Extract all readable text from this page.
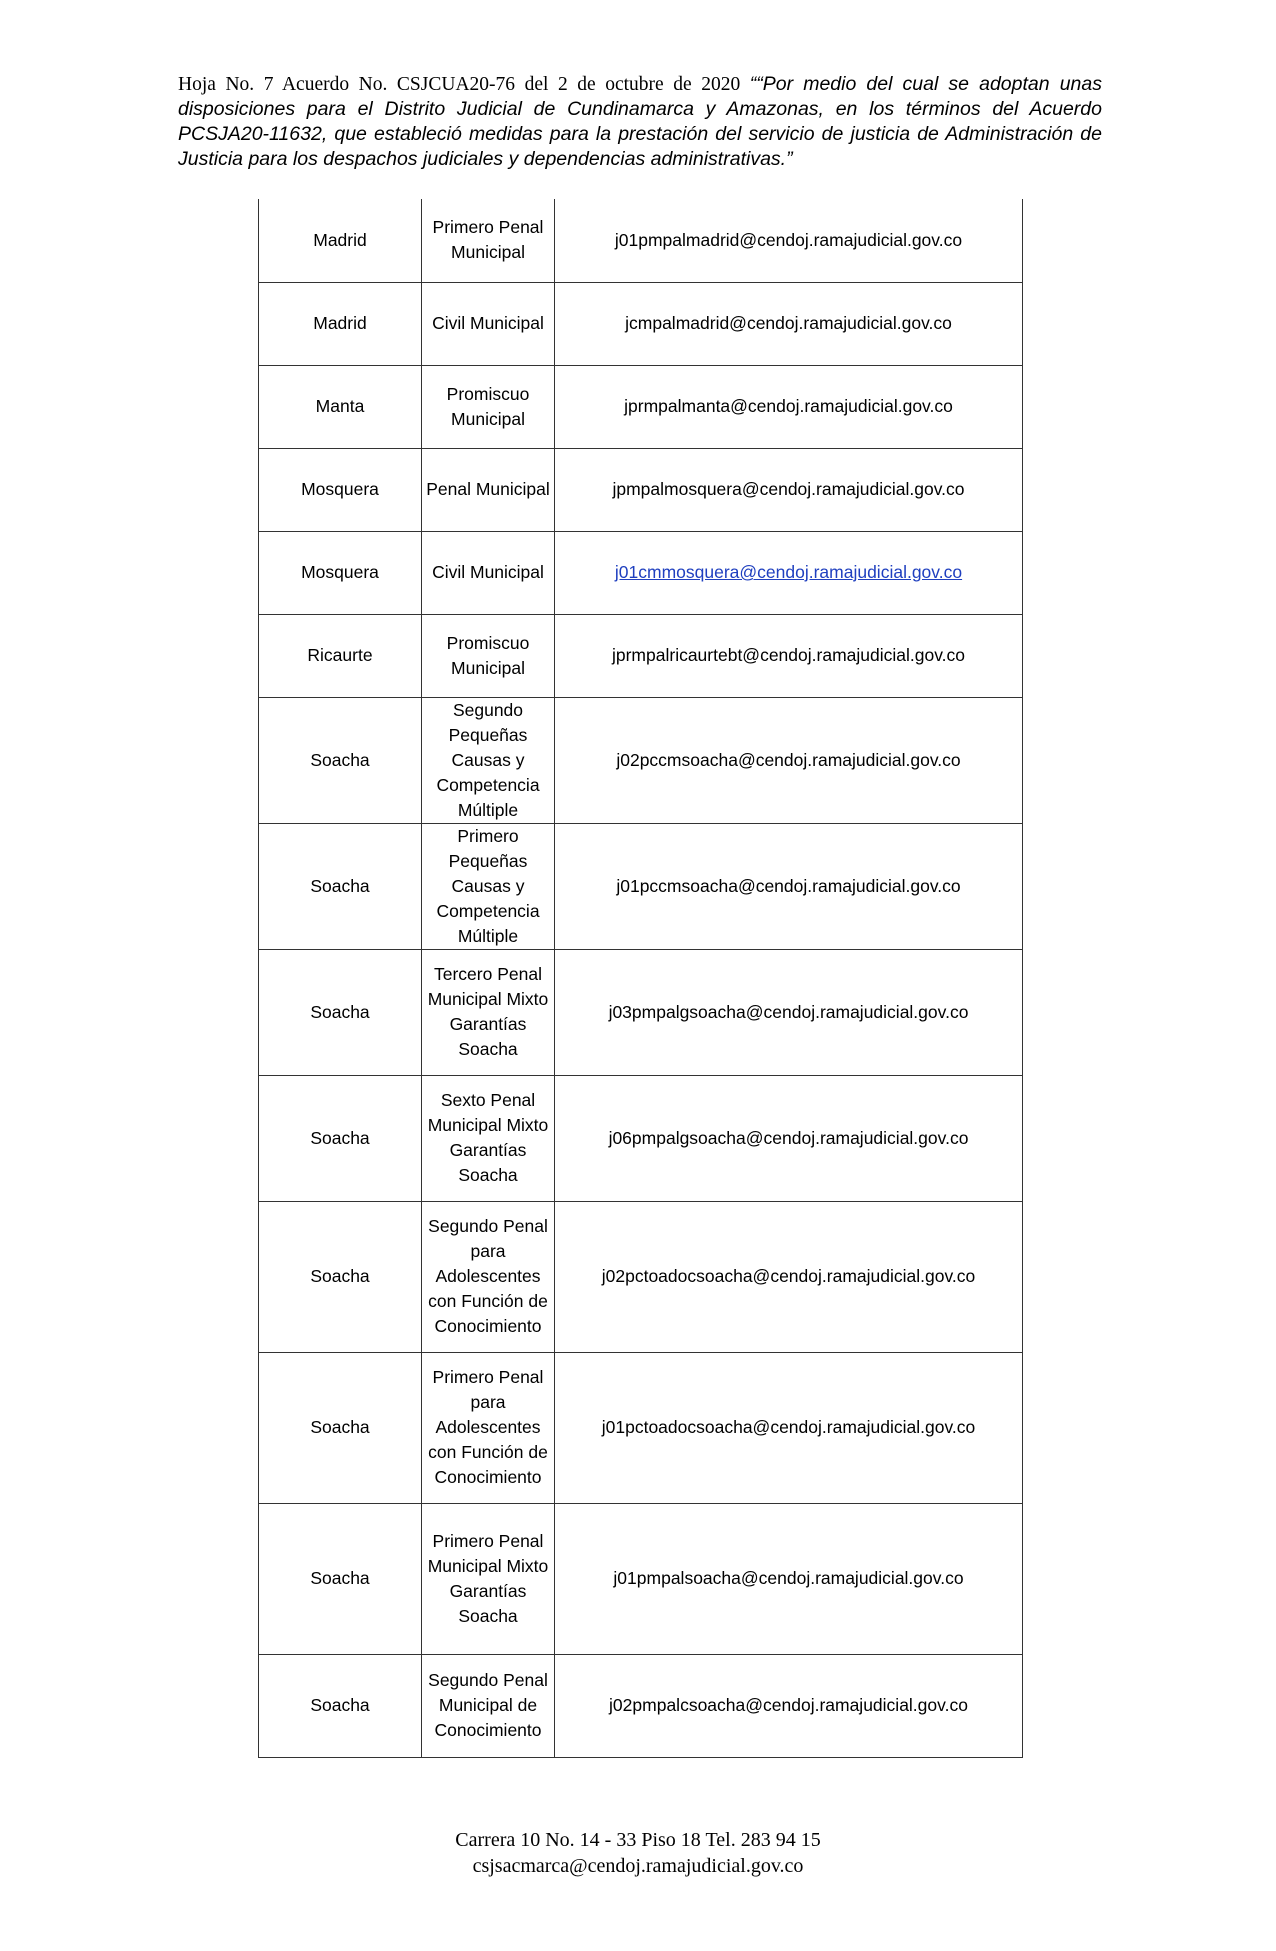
Hoja No. 7 Acuerdo No. CSJCUA20-76 del 2 de octubre de 2020 ““Por medio del cual se adoptan unas disposiciones para el Distrito Judicial de Cundinamarca y Amazonas, en los términos del Acuerdo PCSJA20-11632, que estableció medidas para la prestación del servicio de justicia de Administración de Justicia para los despachos judiciales y dependencias administrativas.”
Madrid	Primero Penal Municipal	j01pmpalmadrid@cendoj.ramajudicial.gov.co
Madrid	Civil Municipal	jcmpalmadrid@cendoj.ramajudicial.gov.co
Manta	Promiscuo Municipal	jprmpalmanta@cendoj.ramajudicial.gov.co
Mosquera	Penal Municipal	jpmpalmosquera@cendoj.ramajudicial.gov.co
Mosquera	Civil Municipal	j01cmmosquera@cendoj.ramajudicial.gov.co
Ricaurte	Promiscuo Municipal	jprmpalricaurtebt@cendoj.ramajudicial.gov.co
Soacha	Segundo Pequeñas Causas y Competencia Múltiple	j02pccmsoacha@cendoj.ramajudicial.gov.co
Soacha	Primero Pequeñas Causas y Competencia Múltiple	j01pccmsoacha@cendoj.ramajudicial.gov.co
Soacha	Tercero Penal Municipal Mixto Garantías Soacha	j03pmpalgsoacha@cendoj.ramajudicial.gov.co
Soacha	Sexto Penal Municipal Mixto Garantías Soacha	j06pmpalgsoacha@cendoj.ramajudicial.gov.co
Soacha	Segundo Penal para Adolescentes con Función de Conocimiento	j02pctoadocsoacha@cendoj.ramajudicial.gov.co
Soacha	Primero Penal para Adolescentes con Función de Conocimiento	j01pctoadocsoacha@cendoj.ramajudicial.gov.co
Soacha	Primero Penal Municipal Mixto Garantías Soacha	j01pmpalsoacha@cendoj.ramajudicial.gov.co
Soacha	Segundo Penal Municipal de Conocimiento	j02pmpalcsoacha@cendoj.ramajudicial.gov.co
Carrera 10 No. 14 - 33 Piso 18 Tel. 283 94 15
csjsacmarca@cendoj.ramajudicial.gov.co
